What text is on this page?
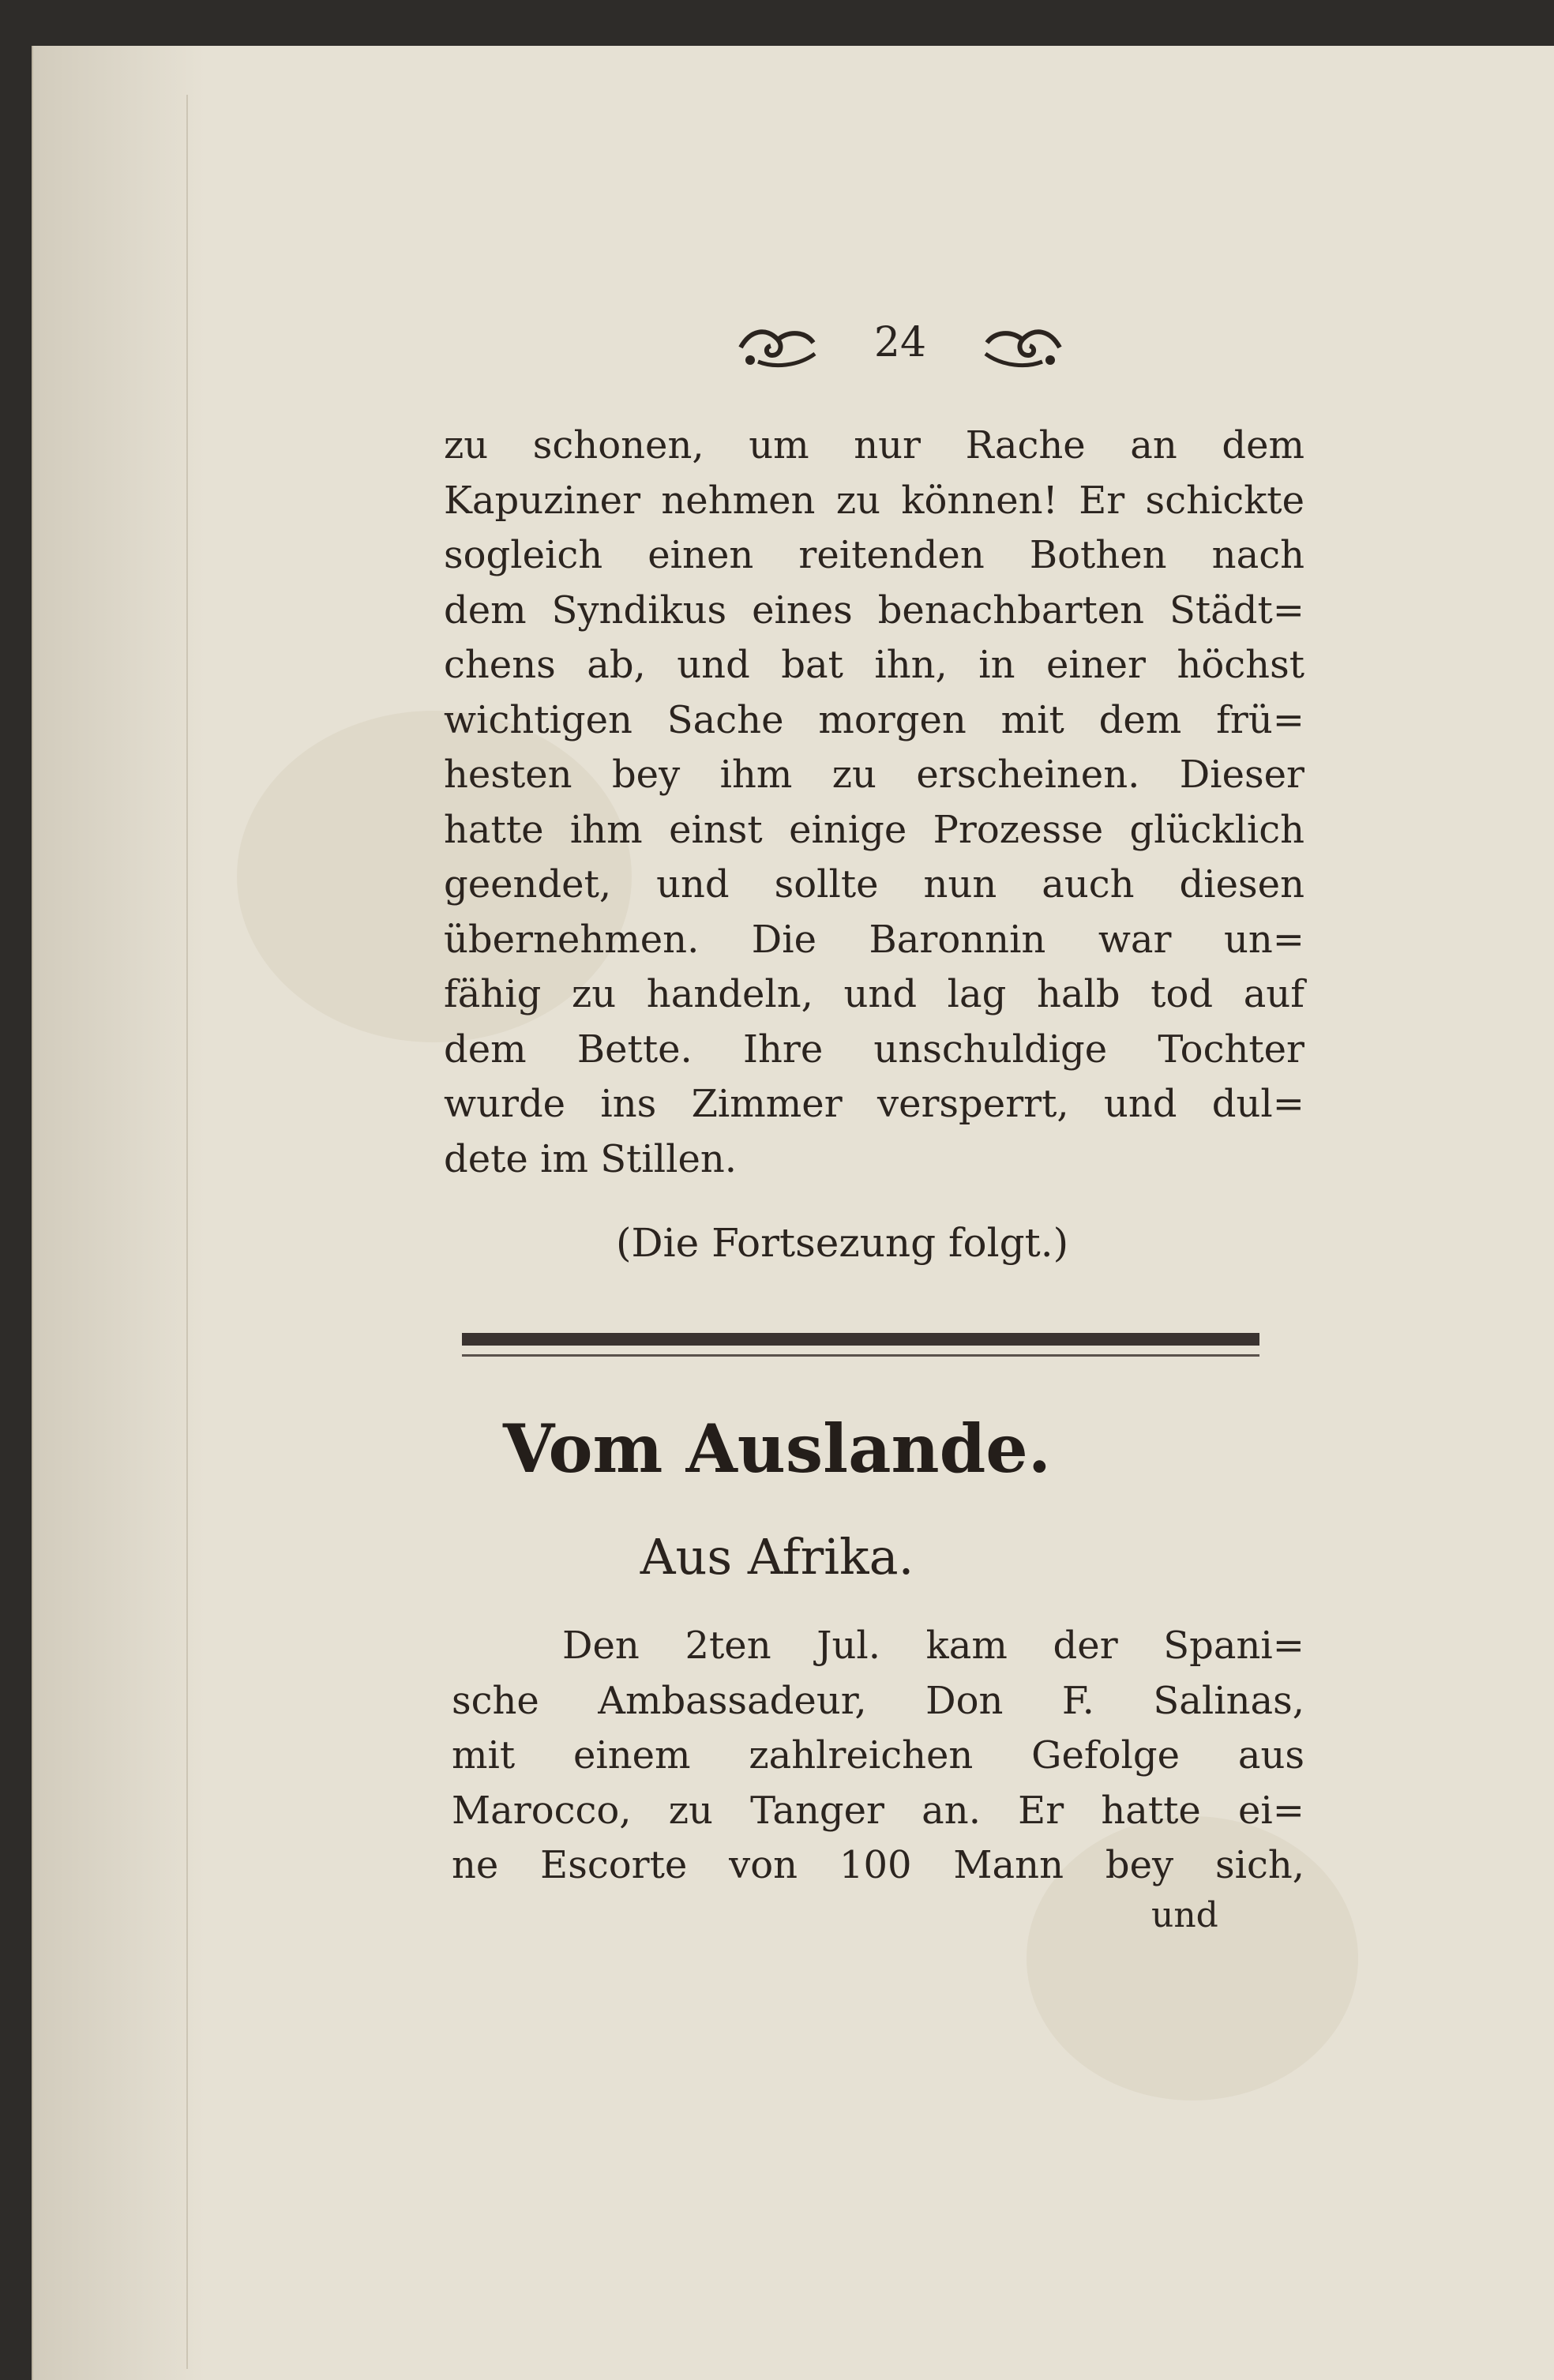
24
zu schonen, um nur Rache an dem
Kapuziner nehmen zu können! Er schickte
sogleich einen reitenden Bothen nach
dem Syndikus eines benachbarten Städt=
chens ab, und bat ihn, in einer höchst
wichtigen Sache morgen mit dem frü=
hesten bey ihm zu erscheinen. Dieser
hatte ihm einst einige Prozesse glücklich
geendet, und sollte nun auch diesen
übernehmen. Die Baronnin war un=
fähig zu handeln, und lag halb tod auf
dem Bette. Ihre unschuldige Tochter
wurde ins Zimmer versperrt, und dul=
dete im Stillen.
(Die Fortsezung folgt.)
Vom Auslande.
Aus Afrika.
Den 2ten Jul. kam der Spani=
sche Ambassadeur, Don F. Salinas,
mit einem zahlreichen Gefolge aus
Marocco, zu Tanger an. Er hatte ei=
ne Escorte von 100 Mann bey sich,
und
